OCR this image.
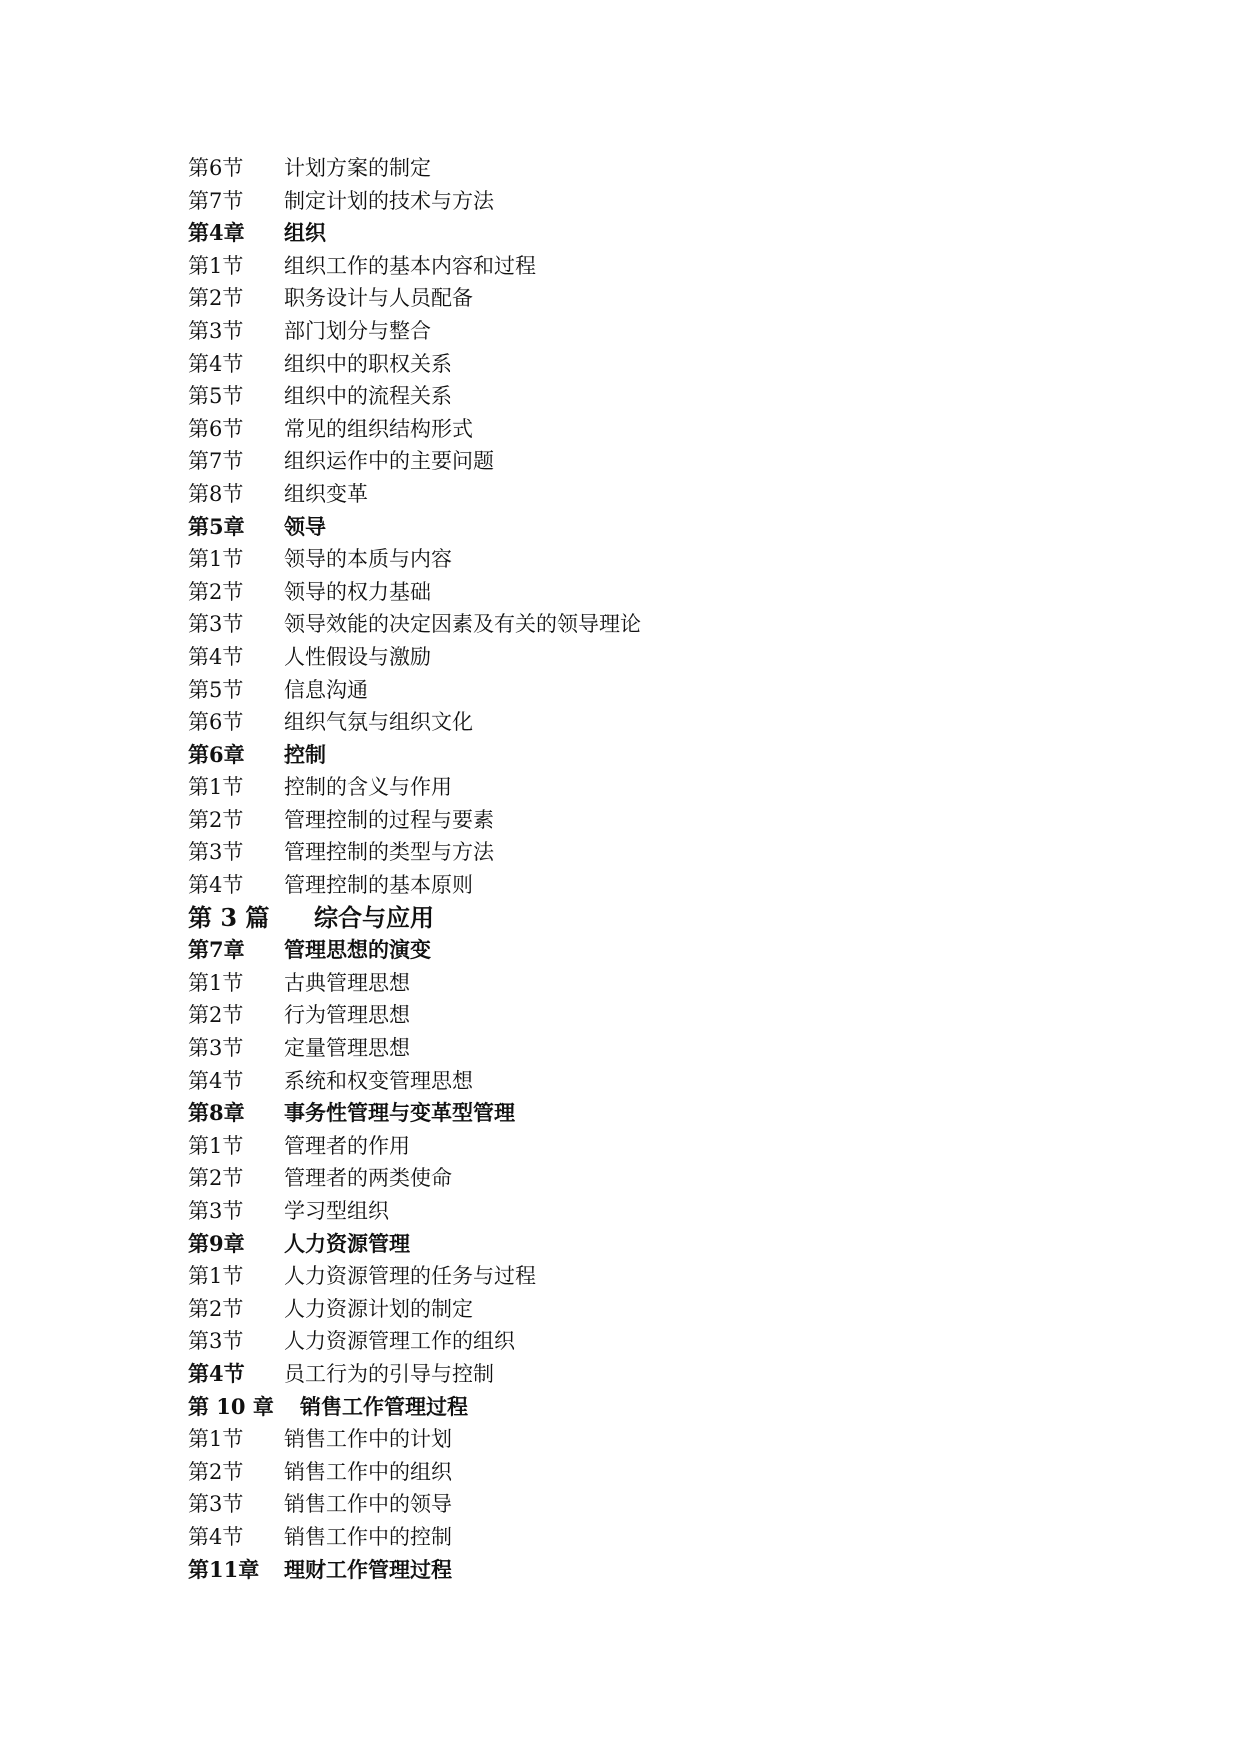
第6节 计划方案的制定
第7节 制定计划的技术与方法
第4章 组织
第1节 组织工作的基本内容和过程
第2节 职务设计与人员配备
第3节 部门划分与整合
第4节 组织中的职权关系
第5节 组织中的流程关系
第6节 常见的组织结构形式
第7节 组织运作中的主要问题
第8节 组织变革
第5章 领导
第1节 领导的本质与内容
第2节 领导的权力基础
第3节 领导效能的决定因素及有关的领导理论
第4节 人性假设与激励
第5节 信息沟通
第6节 组织气氛与组织文化
第6章 控制
第1节 控制的含义与作用
第2节 管理控制的过程与要素
第3节 管理控制的类型与方法
第4节 管理控制的基本原则
第 3 篇 综合与应用
第7章 管理思想的演变
第1节 古典管理思想
第2节 行为管理思想
第3节 定量管理思想
第4节 系统和权变管理思想
第8章 事务性管理与变革型管理
第1节 管理者的作用
第2节 管理者的两类使命
第3节 学习型组织
第9章 人力资源管理
第1节 人力资源管理的任务与过程
第2节 人力资源计划的制定
第3节 人力资源管理工作的组织
第4节 员工行为的引导与控制
第 10 章 销售工作管理过程
第1节 销售工作中的计划
第2节 销售工作中的组织
第3节 销售工作中的领导
第4节 销售工作中的控制
第11章 理财工作管理过程
